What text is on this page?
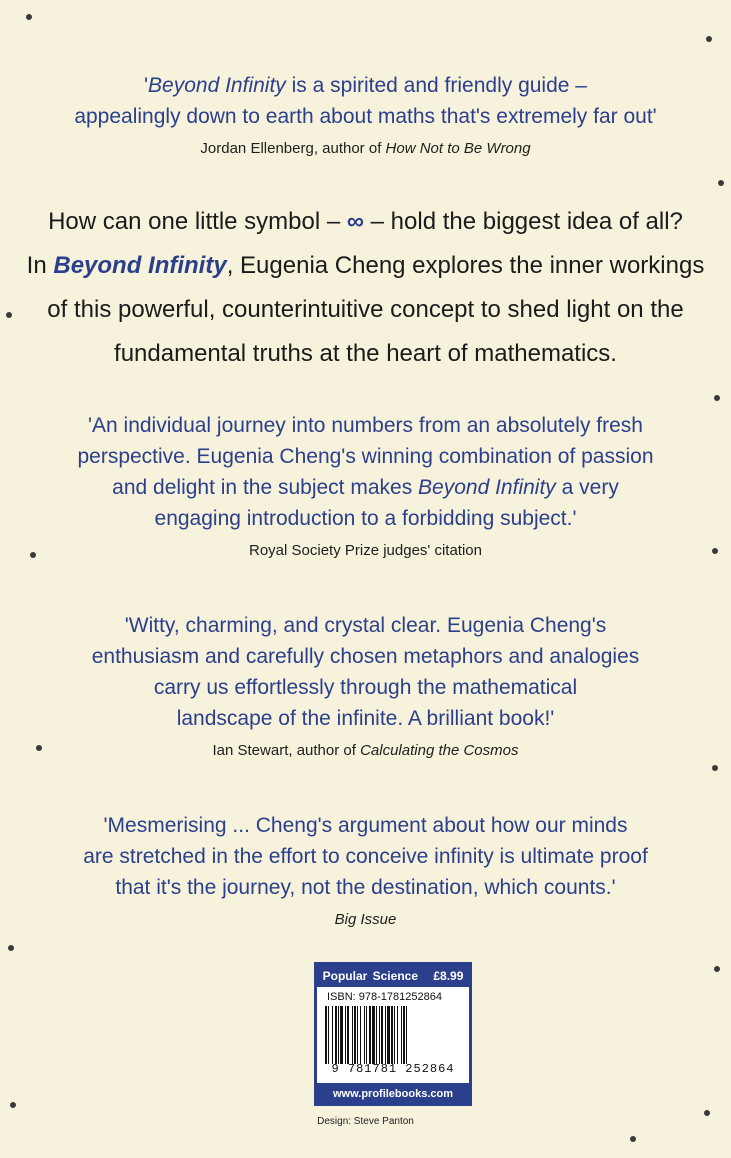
'Beyond Infinity is a spirited and friendly guide –
appealingly down to earth about maths that's extremely far out'
Jordan Ellenberg, author of How Not to Be Wrong
How can one little symbol – ∞ – hold the biggest idea of all?
In Beyond Infinity, Eugenia Cheng explores the inner workings
of this powerful, counterintuitive concept to shed light on the
fundamental truths at the heart of mathematics.
'An individual journey into numbers from an absolutely fresh
perspective. Eugenia Cheng's winning combination of passion
and delight in the subject makes Beyond Infinity a very
engaging introduction to a forbidding subject.'
Royal Society Prize judges' citation
'Witty, charming, and crystal clear. Eugenia Cheng's
enthusiasm and carefully chosen metaphors and analogies
carry us effortlessly through the mathematical
landscape of the infinite. A brilliant book!'
Ian Stewart, author of Calculating the Cosmos
'Mesmerising ... Cheng's argument about how our minds
are stretched in the effort to conceive infinity is ultimate proof
that it's the journey, not the destination, which counts.'
Big Issue
Popular Science £8.99
ISBN: 978-1781252864
9 781781 252864
www.profilebooks.com
Design: Steve Panton
